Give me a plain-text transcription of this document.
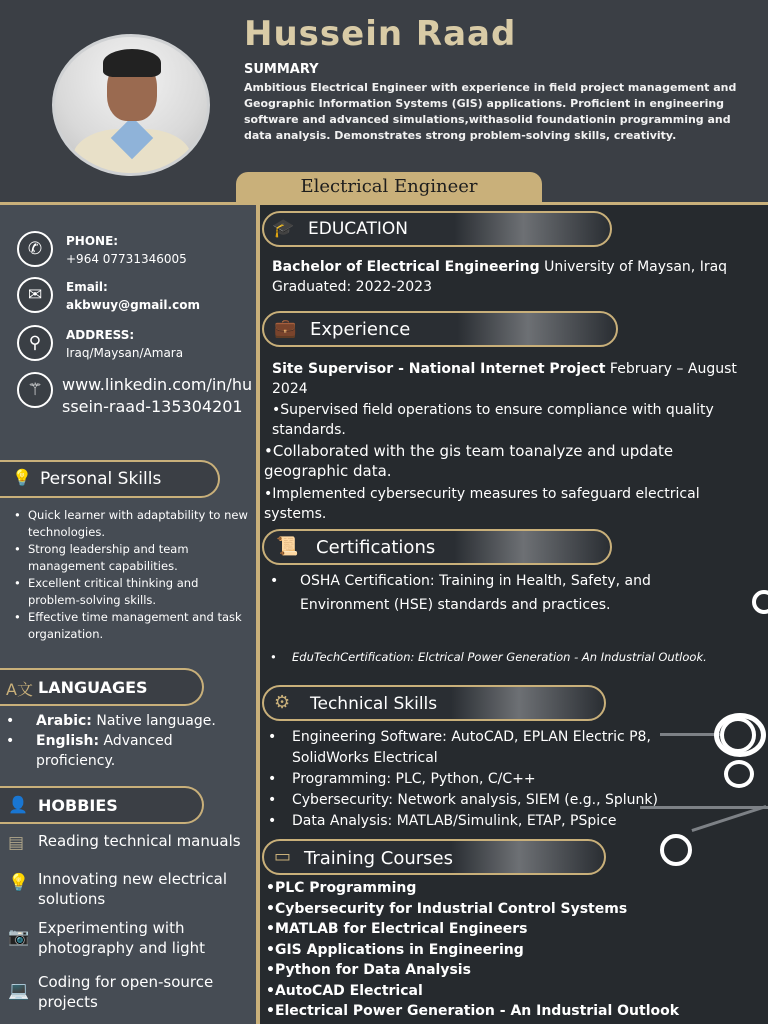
Hussein Raad
SUMMARY
Ambitious Electrical Engineer with experience in field project management and Geographic Information Systems (GIS) applications. Proficient in engineering software and advanced simulations,withasolid foundationin programming and data analysis. Demonstrates strong problem-solving skills, creativity.
Electrical Engineer
✆	PHONE:
+964 07731346005
✉	Email:
akbwuy@gmail.com
⚲	ADDRESS:
Iraq/Maysan/Amara
⚚	www.linkedin.com/in/hu
ssein-raad-135304201
💡 Personal Skills
• Quick learner with adaptability to new technologies.
• Strong leadership and team management capabilities.
• Excellent critical thinking and problem-solving skills.
• Effective time management and task organization.
A文 LANGUAGES
• Arabic: Native language.
• English: Advanced proficiency.
👤 HOBBIES
▤ Reading technical manuals
💡 Innovating new electrical solutions
📷 Experimenting with photography and light
💻 Coding for open-source projects
🎓 EDUCATION
Bachelor of Electrical Engineering University of Maysan, Iraq
Graduated: 2022-2023
💼 Experience
Site Supervisor - National Internet Project February – August 2024
•Supervised field operations to ensure compliance with quality standards.
•Collaborated with the gis team toanalyze and update geographic data.
•Implemented cybersecurity measures to safeguard electrical systems.
📜 Certifications
• OSHA Certification: Training in Health, Safety, and Environment (HSE) standards and practices.
• EduTechCertification: Elctrical Power Generation - An Industrial Outlook.
⚙ Technical Skills
• Engineering Software: AutoCAD, EPLAN Electric P8, SolidWorks Electrical
• Programming: PLC, Python, C/C++
• Cybersecurity: Network analysis, SIEM (e.g., Splunk)
• Data Analysis: MATLAB/Simulink, ETAP, PSpice
▭ Training Courses
•PLC Programming
•Cybersecurity for Industrial Control Systems
•MATLAB for Electrical Engineers
•GIS Applications in Engineering
•Python for Data Analysis
•AutoCAD Electrical
•Electrical Power Generation - An Industrial Outlook
